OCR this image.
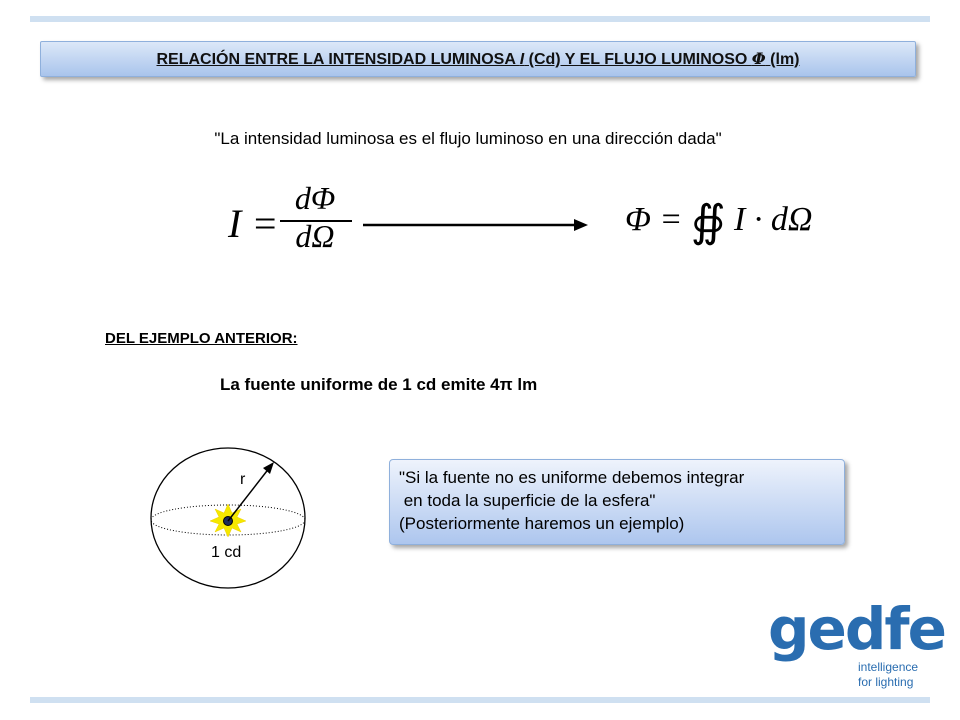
RELACIÓN ENTRE LA INTENSIDAD LUMINOSA I (Cd) Y EL FLUJO LUMINOSO Φ (lm)
"La intensidad luminosa es el flujo luminoso en una dirección dada"
I =
dΦ
dΩ	Φ = ∯ I · dΩ
DEL EJEMPLO ANTERIOR:
La fuente uniforme de 1 cd emite 4π lm
r
1 cd
"Si la fuente no es uniforme debemos integrar
en toda la superficie de la esfera"
(Posteriormente haremos un ejemplo)
gedfe
intelligence
for lighting
